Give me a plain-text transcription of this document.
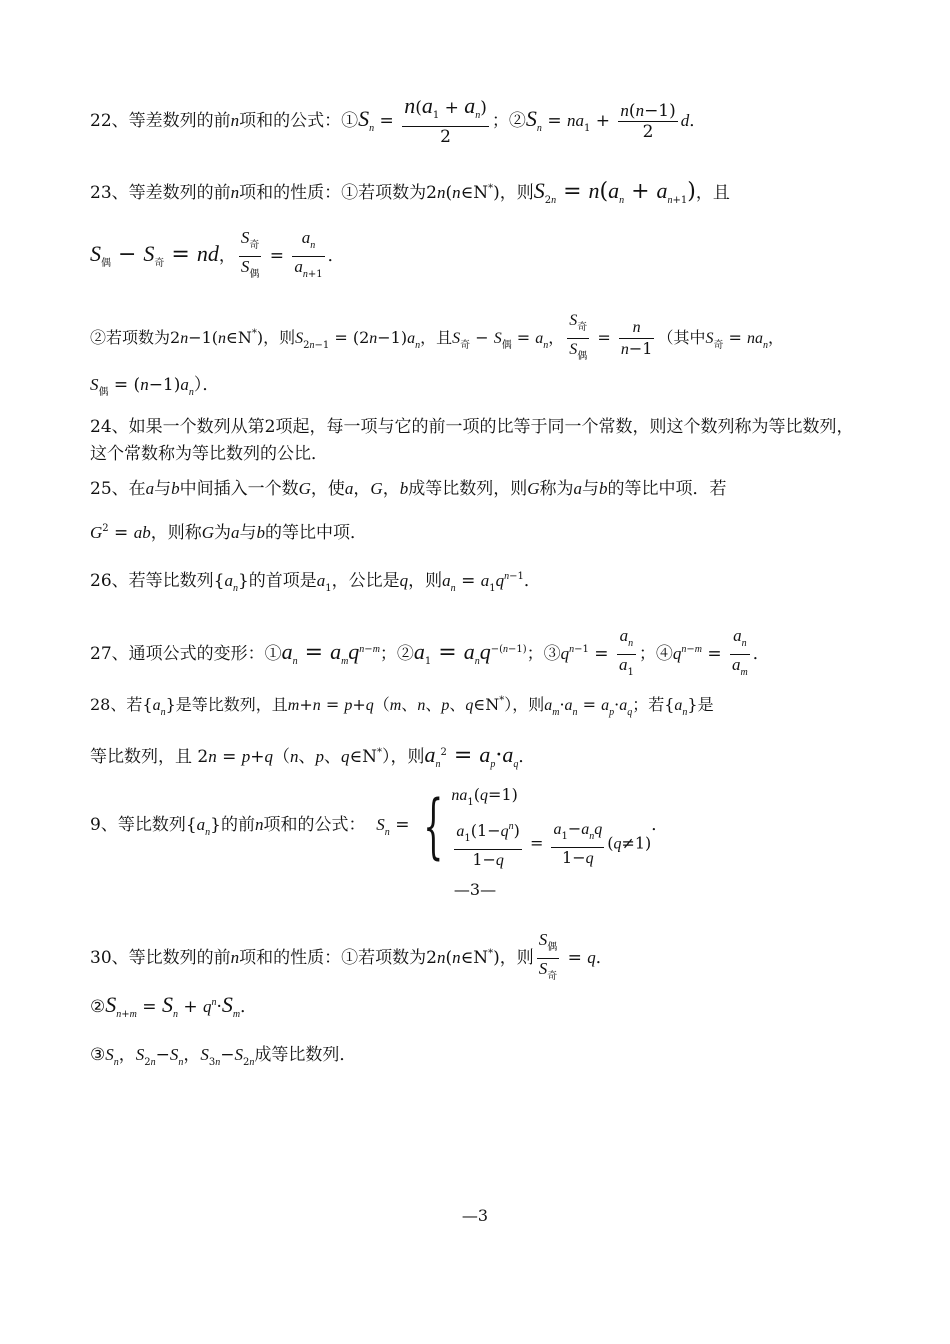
22、等差数列的前n项和的公式：$①S_n = \frac{n(a_1 + a_n)}{2}$ ；$②S_n = na_1 + \frac{n(n-1)}{2}$ d．
23、等差数列的前n项和的性质：①若项数为2n(n∈N*)，则$S_{2n} = n(a_n + a_{n+1})$，且
$S_偶 - S_奇$ = nd， $\frac{S_奇}{S_偶} = \frac{a_n}{a_{n+1}}$ ．
②若项数为2n−1(n∈N*)，则$S_{2n-1} = (2n-1)a_n$，且$S_奇 - S_偶 = a_n$， $\frac{S_奇}{S_偶} = \frac{n}{n-1}$ （其中$S_奇 = na_n$，
$S_偶 = (n-1)a_n$）．
24、如果一个数列从第2项起，每一项与它的前一项的比等于同一个常数，则这个数列称为等比数列，这个常数称为等比数列的公比．
25、在a与b中间插入一个数G，使a，G，b成等比数列，则G称为a与b的等比中项．若
$G^2$ = ab，则称G为a与b的等比中项．
26、若等比数列$\{a_n\}$的首项是$a_1$，公比是q，则$a_n = a_1q^{n-1}$．
27、通项公式的变形：$①a_n = a_mq^{n-m}$；$②a_1 = a_nq^{-(n-1)}$；$③q^{n-1} = \frac{a_n}{a_1}$ ；$④q^{n-m} = \frac{a_n}{a_m}$ ．
28、若$\{a_n\}$是等比数列，且m+n = p+q（m、n、p、q∈N*），则$a_m\cdot a_n = a_p\cdot a_q$；若$\{a_n\}$是
等比数列，且 2n = p+q（n、p、q∈N*），则$a_n^2 = a_p\cdot a_q$．
9、等比数列$\{a_n\}$的前n项和的公式： $S_n$ = { $na_1(q=1)$
$\frac{a_1(1-q^n)}{1-q} = \frac{a_1-a_nq}{1-q} (q\ne 1)$
．
—3—
30、等比数列的前n项和的性质：①若项数为2n(n∈N*)，则 $\frac{S_偶}{S_奇} = q$．
$②S_{n+m} = S_n + q^n\cdot S_m$．
$③S_n$，$S_{2n}-S_n$，$S_{3n}-S_{2n}$成等比数列．
—3
